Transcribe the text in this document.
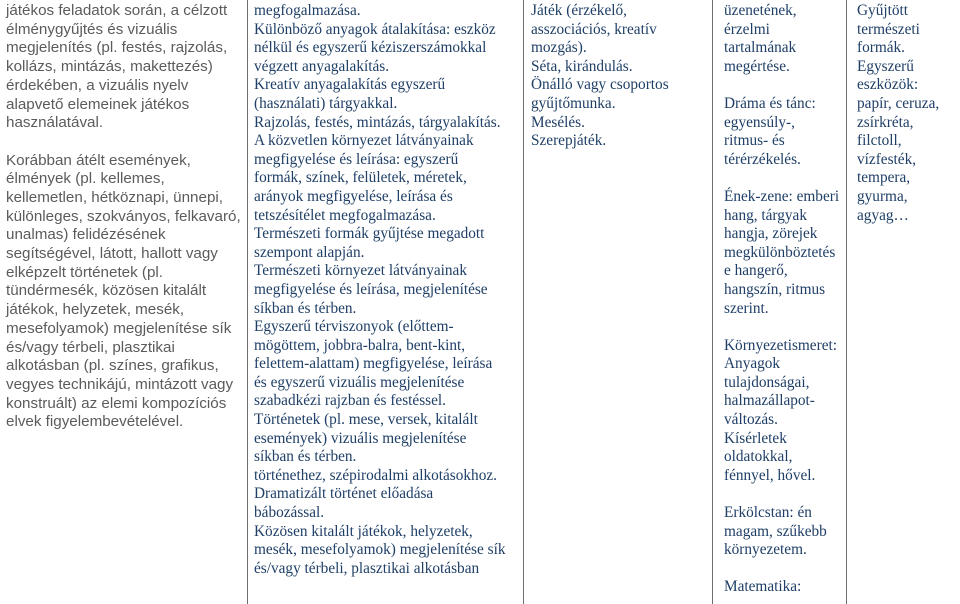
játékos feladatok során, a célzott
élménygyűjtés és vizuális
megjelenítés (pl. festés, rajzolás,
kollázs, mintázás, makettezés)
érdekében, a vizuális nyelv
alapvető elemeinek játékos
használatával.
Korábban átélt események,
élmények (pl. kellemes,
kellemetlen, hétköznapi, ünnepi,
különleges, szokványos, felkavaró,
unalmas) felidézésének
segítségével, látott, hallott vagy
elképzelt történetek (pl.
tündérmesék, közösen kitalált
játékok, helyzetek, mesék,
mesefolyamok) megjelenítése sík
és/vagy térbeli, plasztikai
alkotásban (pl. színes, grafikus,
vegyes technikájú, mintázott vagy
konstruált) az elemi kompozíciós
elvek figyelembevételével.
megfogalmazása.
Különböző anyagok átalakítása: eszköz
nélkül és egyszerű kéziszerszámokkal
végzett anyagalakítás.
Kreatív anyagalakítás egyszerű
(használati) tárgyakkal.
Rajzolás, festés, mintázás, tárgyalakítás.
A közvetlen környezet látványainak
megfigyelése és leírása: egyszerű
formák, színek, felületek, méretek,
arányok megfigyelése, leírása és
tetszésítélet megfogalmazása.
Természeti formák gyűjtése megadott
szempont alapján.
Természeti környezet látványainak
megfigyelése és leírása, megjelenítése
síkban és térben.
Egyszerű térviszonyok (előttem-
mögöttem, jobbra-balra, bent-kint,
felettem-alattam) megfigyelése, leírása
és egyszerű vizuális megjelenítése
szabadkézi rajzban és festéssel.
Történetek (pl. mese, versek, kitalált
események) vizuális megjelenítése
síkban és térben.
történethez, szépirodalmi alkotásokhoz.
Dramatizált történet előadása
bábozással.
Közösen kitalált játékok, helyzetek,
mesék, mesefolyamok) megjelenítése sík
és/vagy térbeli, plasztikai alkotásban
Játék (érzékelő,
asszociációs, kreatív
mozgás).
Séta, kirándulás.
Önálló vagy csoportos
gyűjtőmunka.
Mesélés.
Szerepjáték.
üzenetének,
érzelmi
tartalmának
megértése.
Dráma és tánc:
egyensúly-,
ritmus- és
térérzékelés.
Ének-zene: emberi
hang, tárgyak
hangja, zörejek
megkülönböztetés
e hangerő,
hangszín, ritmus
szerint.
Környezetismeret:
Anyagok
tulajdonságai,
halmazállapot-
változás.
Kísérletek
oldatokkal,
fénnyel, hővel.
Erkölcstan: én
magam, szűkebb
környezetem.
Matematika:
Gyűjtött
természeti
formák.
Egyszerű
eszközök:
papír, ceruza,
zsírkréta,
filctoll,
vízfesték,
tempera,
gyurma,
agyag…
